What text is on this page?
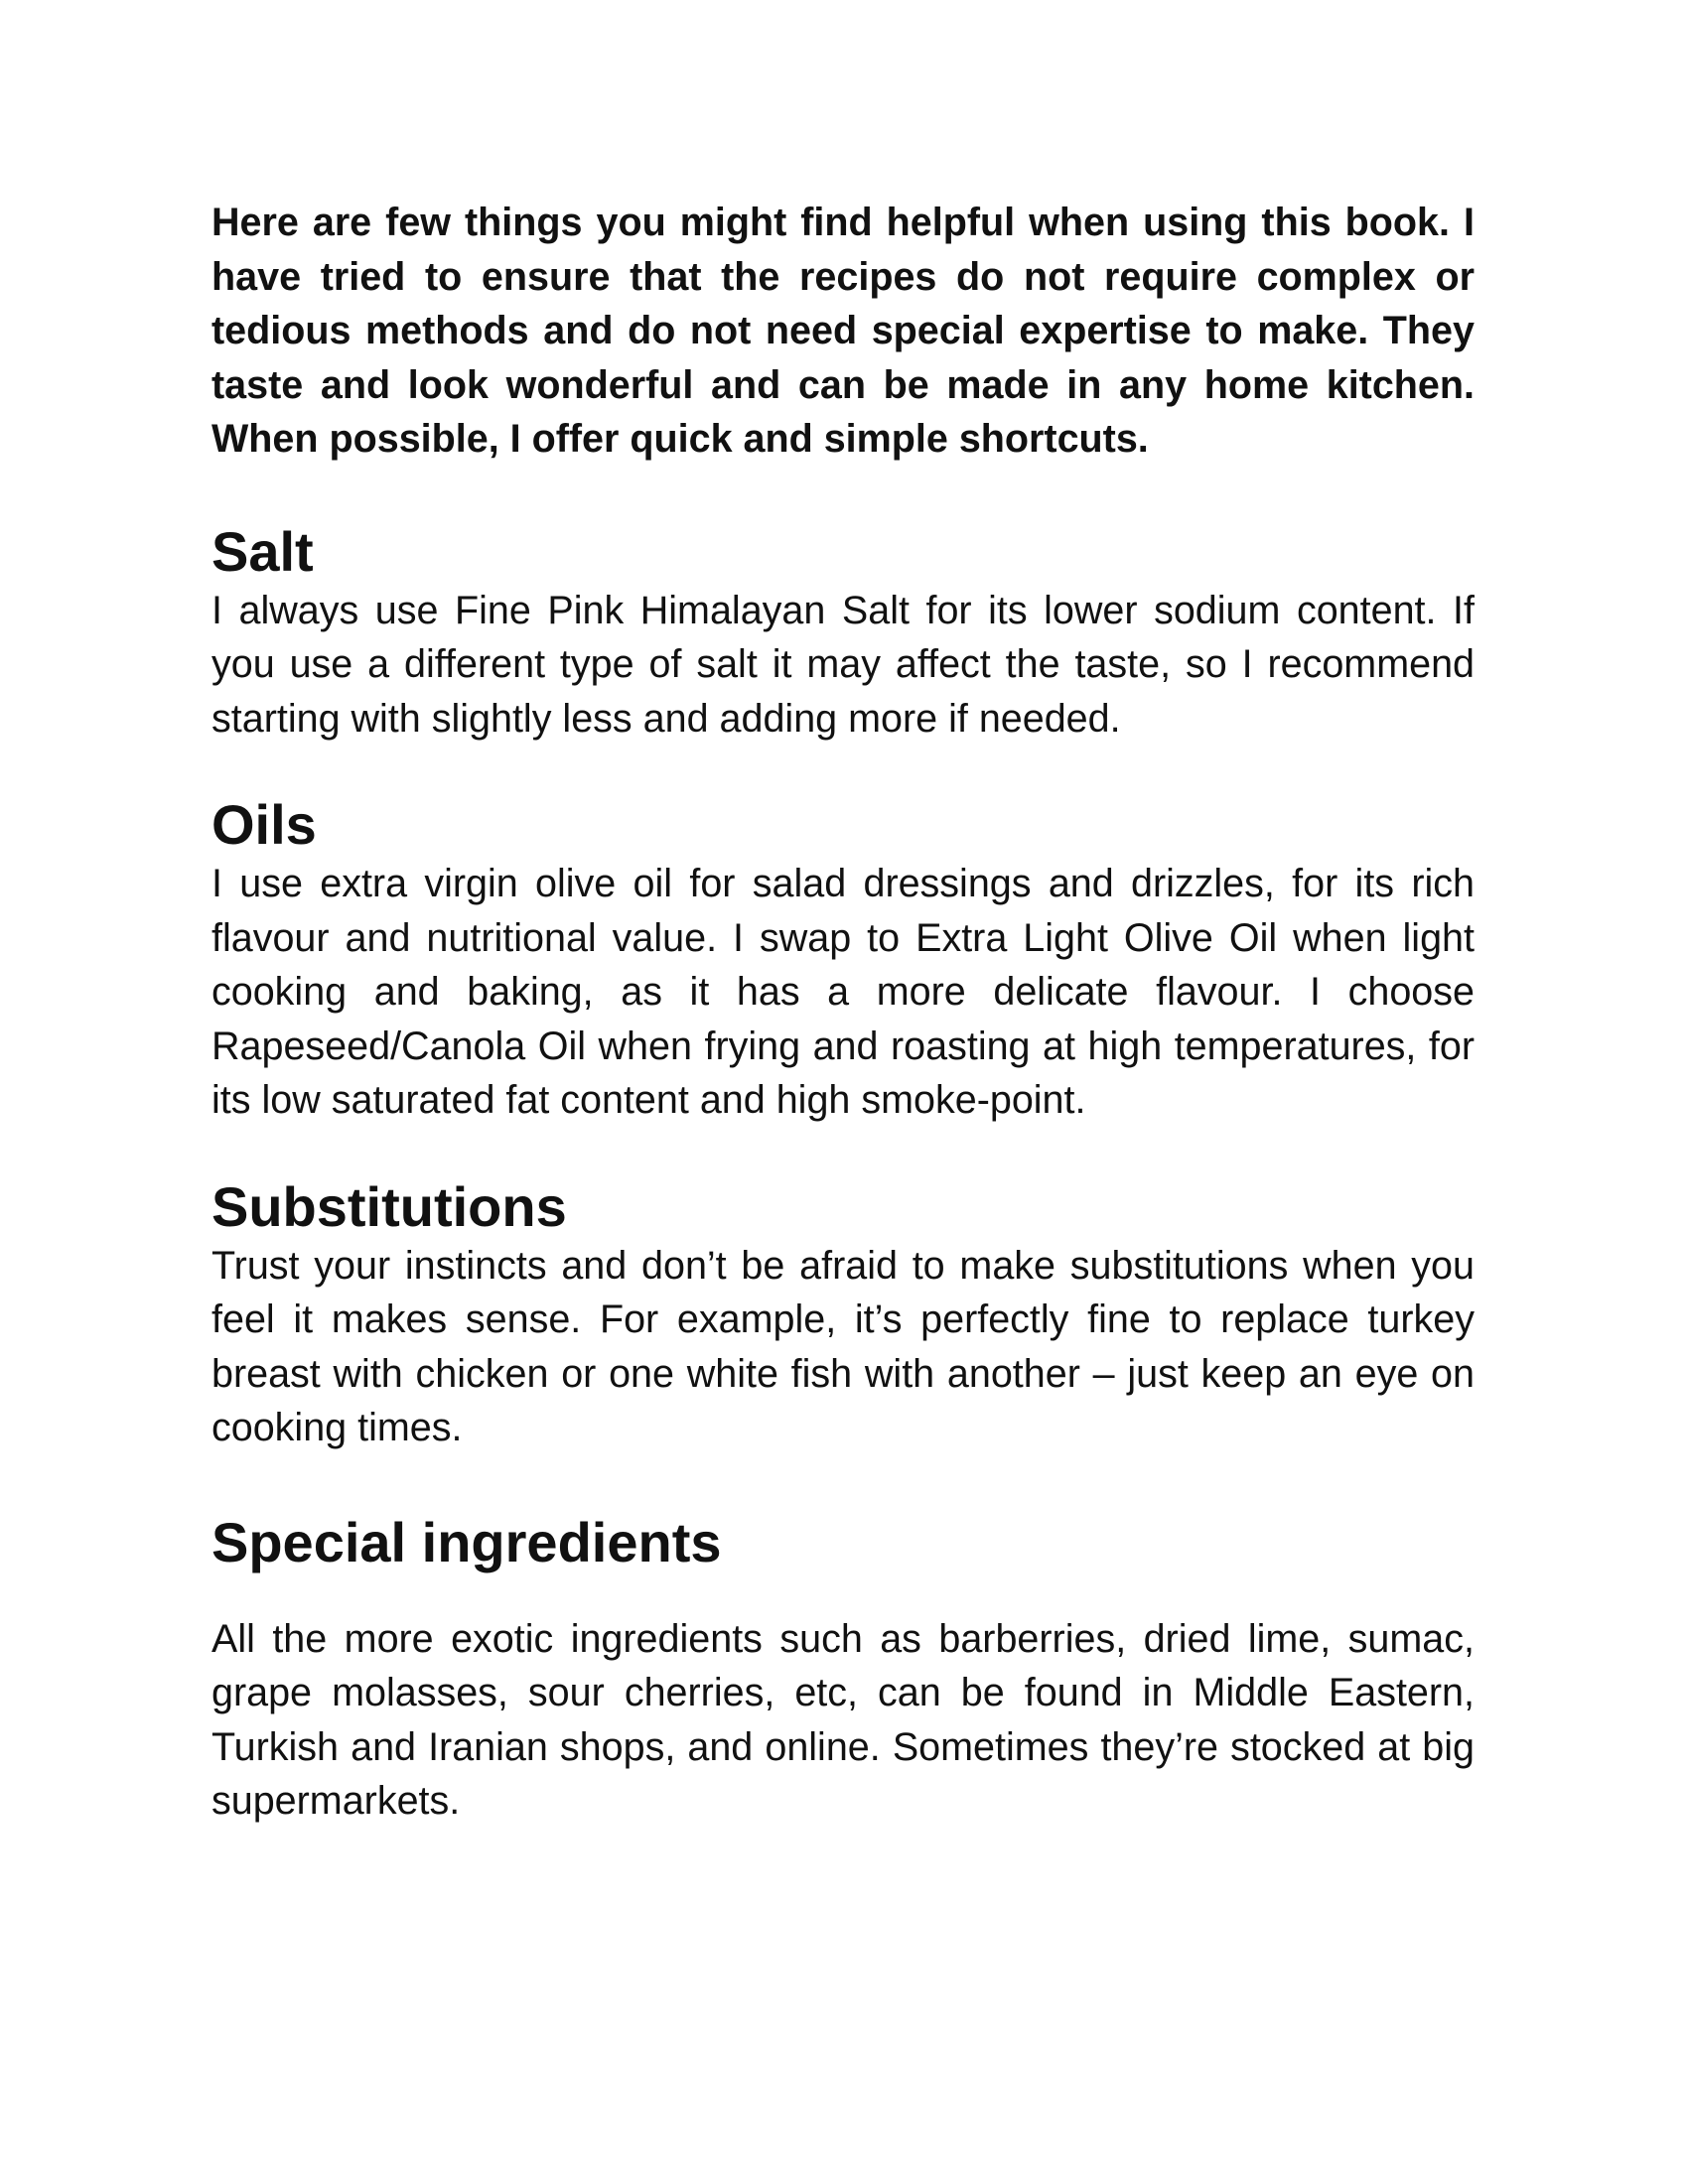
Here are few things you might find helpful when using this book. I have tried to ensure that the recipes do not require complex or tedious methods and do not need special expertise to make. They taste and look wonderful and can be made in any home kitchen. When possible, I offer quick and simple shortcuts.

Salt

I always use Fine Pink Himalayan Salt for its lower sodium content. If you use a different type of salt it may affect the taste, so I recommend starting with slightly less and adding more if needed.

Oils

I use extra virgin olive oil for salad dressings and drizzles, for its rich flavour and nutritional value. I swap to Extra Light Olive Oil when light cooking and baking, as it has a more delicate flavour. I choose Rapeseed/Canola Oil when frying and roasting at high temperatures, for its low saturated fat content and high smoke-point.

Substitutions

Trust your instincts and don’t be afraid to make substitutions when you feel it makes sense. For example, it’s perfectly fine to replace turkey breast with chicken or one white fish with another – just keep an eye on cooking times.

Special ingredients

All the more exotic ingredients such as barberries, dried lime, sumac, grape molasses, sour cherries, etc, can be found in Middle Eastern, Turkish and Iranian shops, and online. Sometimes they’re stocked at big supermarkets.
